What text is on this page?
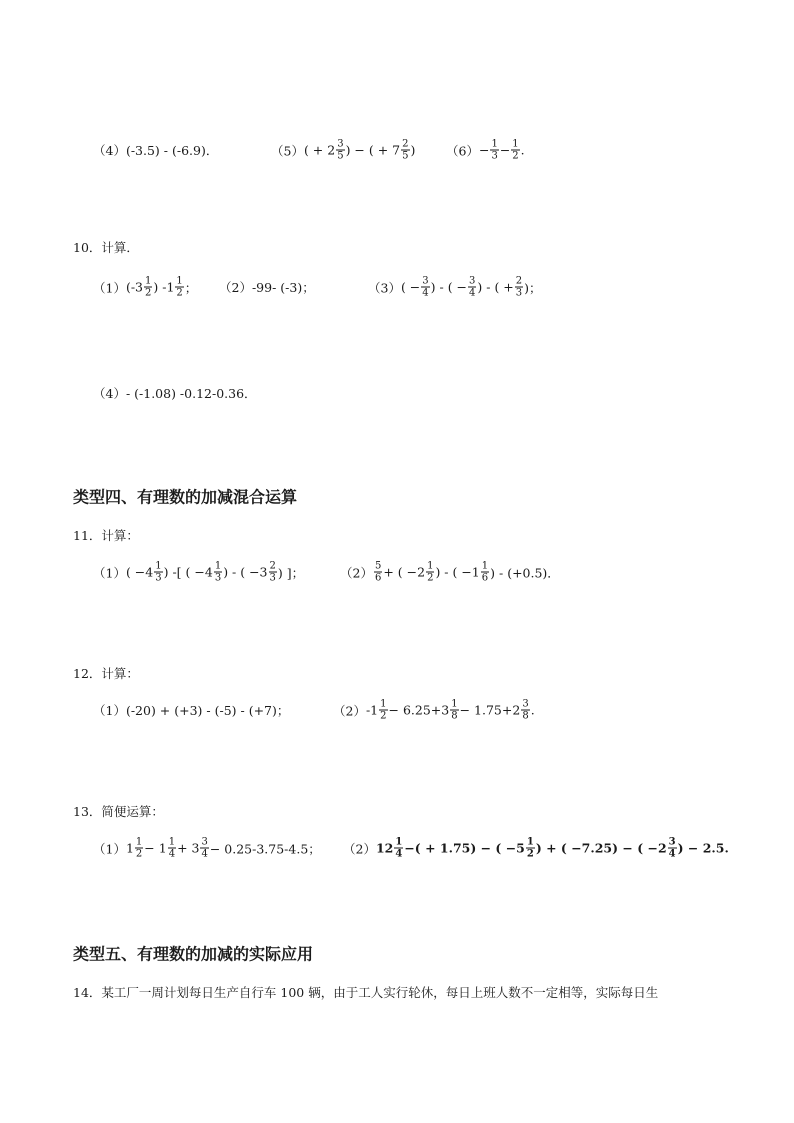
（4） (-3.5) - (-6.9)．	（5） ( + $2 \frac{3}{5}$ ) − ( + $7 \frac{2}{5}$ ) $(6) - \frac{1}{3} - \frac{1}{2}$ .
10．计算．
（1） ($-3 \frac{1}{2}$ ) $-1 \frac{1}{2}$ ； （2） -99- (-3)；	（3） ( − $\frac{3}{4}$ ) - ( − $\frac{3}{4}$ ) - ( + $\frac{2}{3}$ )；
（4） - (-1.08) -0.12-0.36．
类型四、有理数的加减混合运算
11．计算：
（1） ( $-4 \frac{1}{3}$ ) -[ ( $-4 \frac{1}{3}$ ) - ( $-3 \frac{2}{3}$ ) ]；	$(2) \frac{5}{6}$ + ( $-2 \frac{1}{2}$ ) - ( $-1 \frac{1}{6}$ ) - (+0.5)．
12．计算：
（1） (-20) + (+3) - (-5) - (+7)；	（2） $-1 \frac{1}{2} - 6.25+3 \frac{1}{8} - 1.75+2 \frac{3}{8}$ .
13．简便运算：
（1） $1 \frac{1}{2} - 1 \frac{1}{4} + 3 \frac{3}{4} - 0.25-3.75-4.5$； （2） $12 \frac{1}{4}$ −( + 1.75) − ( $-5 \frac{1}{2}$ ) + ( −7.25) − ( $-2 \frac{3}{4}$ ) − 2.5.
类型五、有理数的加减的实际应用
14．某工厂一周计划每日生产自行车 100 辆，由于工人实行轮休，每日上班人数不一定相等，实际每日生
